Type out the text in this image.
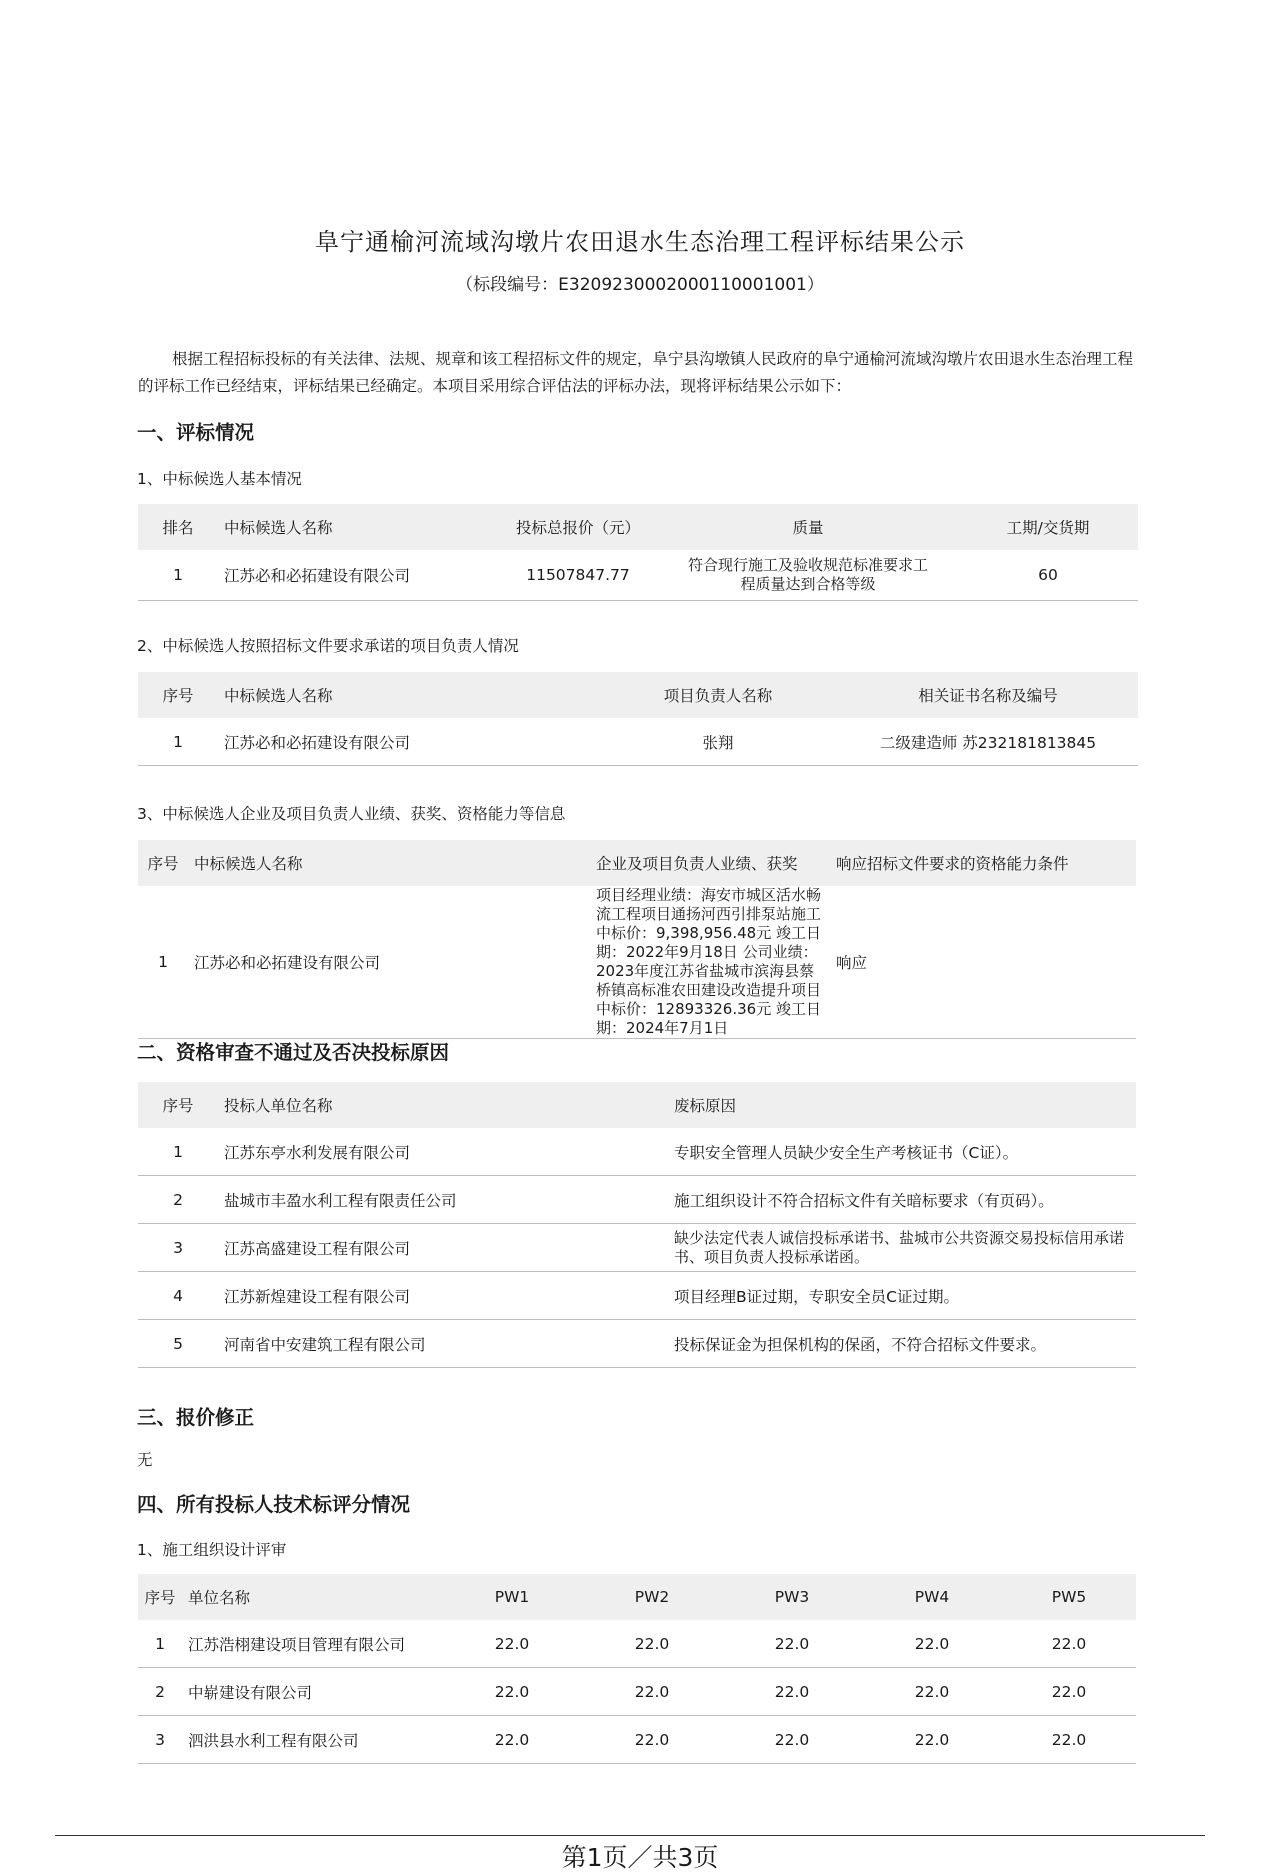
阜宁通榆河流域沟墩片农田退水生态治理工程评标结果公示
（标段编号：E3209230002000110001001）
根据工程招标投标的有关法律、法规、规章和该工程招标文件的规定，阜宁县沟墩镇人民政府的阜宁通榆河流域沟墩片农田退水生态治理工程的评标工作已经结束，评标结果已经确定。本项目采用综合评估法的评标办法，现将评标结果公示如下：
一、评标情况
1、中标候选人基本情况
排名	中标候选人名称	投标总报价（元）	质量	工期/交货期
1	江苏必和必拓建设有限公司	11507847.77	符合现行施工及验收规范标准要求工程质量达到合格等级	60
2、中标候选人按照招标文件要求承诺的项目负责人情况
序号	中标候选人名称	项目负责人名称	相关证书名称及编号
1	江苏必和必拓建设有限公司	张翔	二级建造师 苏232181813845
3、中标候选人企业及项目负责人业绩、获奖、资格能力等信息
序号	中标候选人名称	企业及项目负责人业绩、获奖	响应招标文件要求的资格能力条件
1	江苏必和必拓建设有限公司	项目经理业绩：海安市城区活水畅流工程项目通扬河西引排泵站施工 中标价：9,398,956.48元 竣工日期：2022年9月18日 公司业绩：2023年度江苏省盐城市滨海县蔡桥镇高标准农田建设改造提升项目 中标价：12893326.36元 竣工日期：2024年7月1日	响应
二、资格审查不通过及否决投标原因
序号	投标人单位名称	废标原因
1	江苏东亭水利发展有限公司	专职安全管理人员缺少安全生产考核证书（C证）。
2	盐城市丰盈水利工程有限责任公司	施工组织设计不符合招标文件有关暗标要求（有页码）。
3	江苏高盛建设工程有限公司	缺少法定代表人诚信投标承诺书、盐城市公共资源交易投标信用承诺书、项目负责人投标承诺函。
4	江苏新煌建设工程有限公司	项目经理B证过期，专职安全员C证过期。
5	河南省中安建筑工程有限公司	投标保证金为担保机构的保函，不符合招标文件要求。
三、报价修正
无
四、所有投标人技术标评分情况
1、施工组织设计评审
序号	单位名称	PW1	PW2	PW3	PW4	PW5
1	江苏浩栩建设项目管理有限公司	22.0	22.0	22.0	22.0	22.0
2	中崭建设有限公司	22.0	22.0	22.0	22.0	22.0
3	泗洪县水利工程有限公司	22.0	22.0	22.0	22.0	22.0
第1页／共3页
